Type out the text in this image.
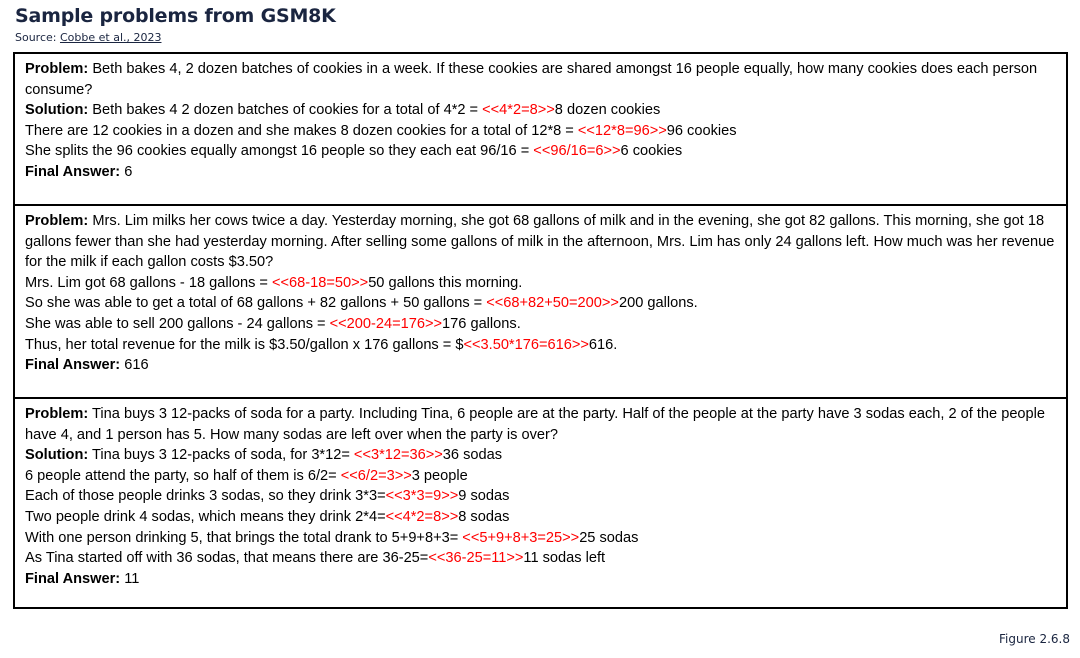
Sample problems from GSM8K
Source: Cobbe et al., 2023
Problem: Beth bakes 4, 2 dozen batches of cookies in a week. If these cookies are shared amongst 16 people equally, how many cookies does each person consume?
Solution: Beth bakes 4 2 dozen batches of cookies for a total of 4*2 = <<4*2=8>>8 dozen cookies
There are 12 cookies in a dozen and she makes 8 dozen cookies for a total of 12*8 = <<12*8=96>>96 cookies
She splits the 96 cookies equally amongst 16 people so they each eat 96/16 = <<96/16=6>>6 cookies
Final Answer: 6
Problem: Mrs. Lim milks her cows twice a day. Yesterday morning, she got 68 gallons of milk and in the evening, she got 82 gallons. This morning, she got 18 gallons fewer than she had yesterday morning. After selling some gallons of milk in the afternoon, Mrs. Lim has only 24 gallons left. How much was her revenue for the milk if each gallon costs $3.50?
Mrs. Lim got 68 gallons - 18 gallons = <<68-18=50>>50 gallons this morning.
So she was able to get a total of 68 gallons + 82 gallons + 50 gallons = <<68+82+50=200>>200 gallons.
She was able to sell 200 gallons - 24 gallons = <<200-24=176>>176 gallons.
Thus, her total revenue for the milk is $3.50/gallon x 176 gallons = $<<3.50*176=616>>616.
Final Answer: 616
Problem: Tina buys 3 12-packs of soda for a party. Including Tina, 6 people are at the party. Half of the people at the party have 3 sodas each, 2 of the people have 4, and 1 person has 5. How many sodas are left over when the party is over?
Solution: Tina buys 3 12-packs of soda, for 3*12= <<3*12=36>>36 sodas
6 people attend the party, so half of them is 6/2= <<6/2=3>>3 people
Each of those people drinks 3 sodas, so they drink 3*3=<<3*3=9>>9 sodas
Two people drink 4 sodas, which means they drink 2*4=<<4*2=8>>8 sodas
With one person drinking 5, that brings the total drank to 5+9+8+3= <<5+9+8+3=25>>25 sodas
As Tina started off with 36 sodas, that means there are 36-25=<<36-25=11>>11 sodas left
Final Answer: 11
Figure 2.6.8
